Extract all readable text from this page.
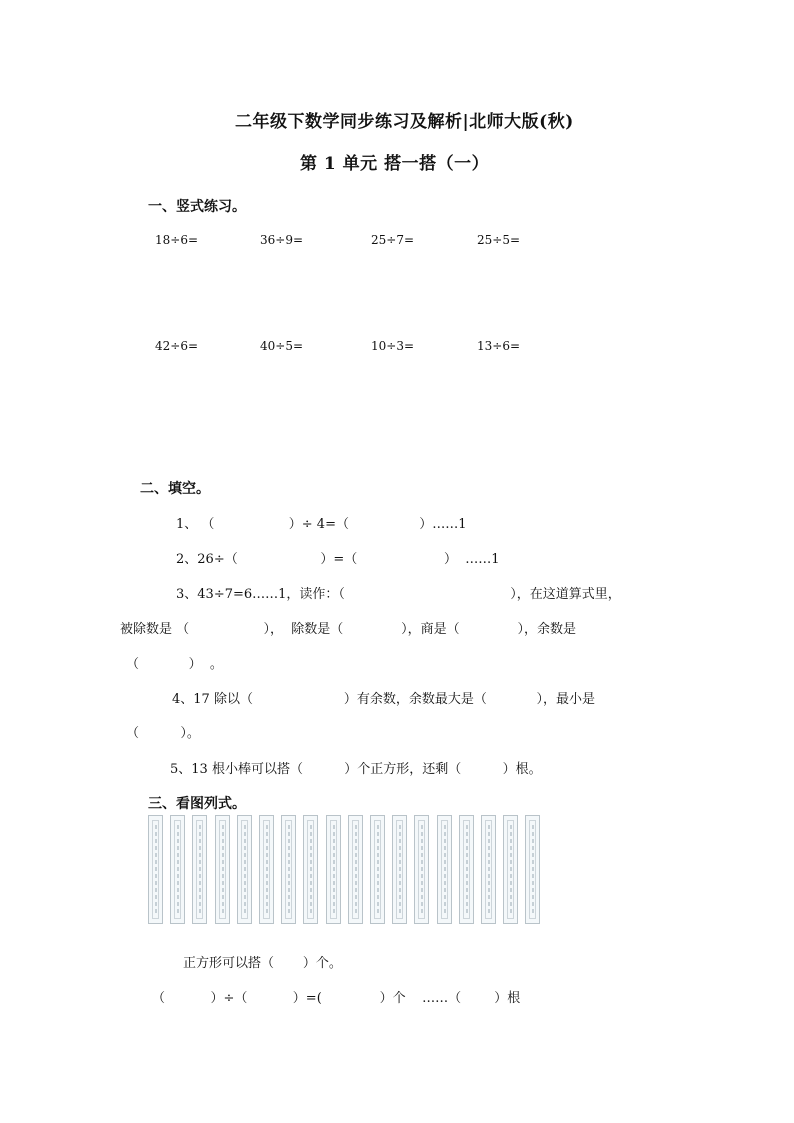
二年级下数学同步练习及解析|北师大版(秋)
第 1 单元 搭一搭（一）
一、竖式练习。
18÷6=	36÷9=	25÷7=	25÷5=
42÷6=	40÷5=	10÷3=	13÷6=
二、填空。
1、 （                  ）÷ 4=（                 ）……1
2、26÷（                    ）=（                     ）  ……1
3、43÷7=6……1，读作：（                                        ），在这道算式里，
被除数是 （                  ），  除数是（              ），商是（              ），余数是
（            ）  。
4、17 除以（                      ）有余数，余数最大是（            ），最小是
（          ）。
5、13 根小棒可以搭（          ）个正方形，还剩（          ）根。
三、看图列式。
正方形可以搭（       ）个。
（           ）÷（           ）=(              ）个    ……（        ）根
